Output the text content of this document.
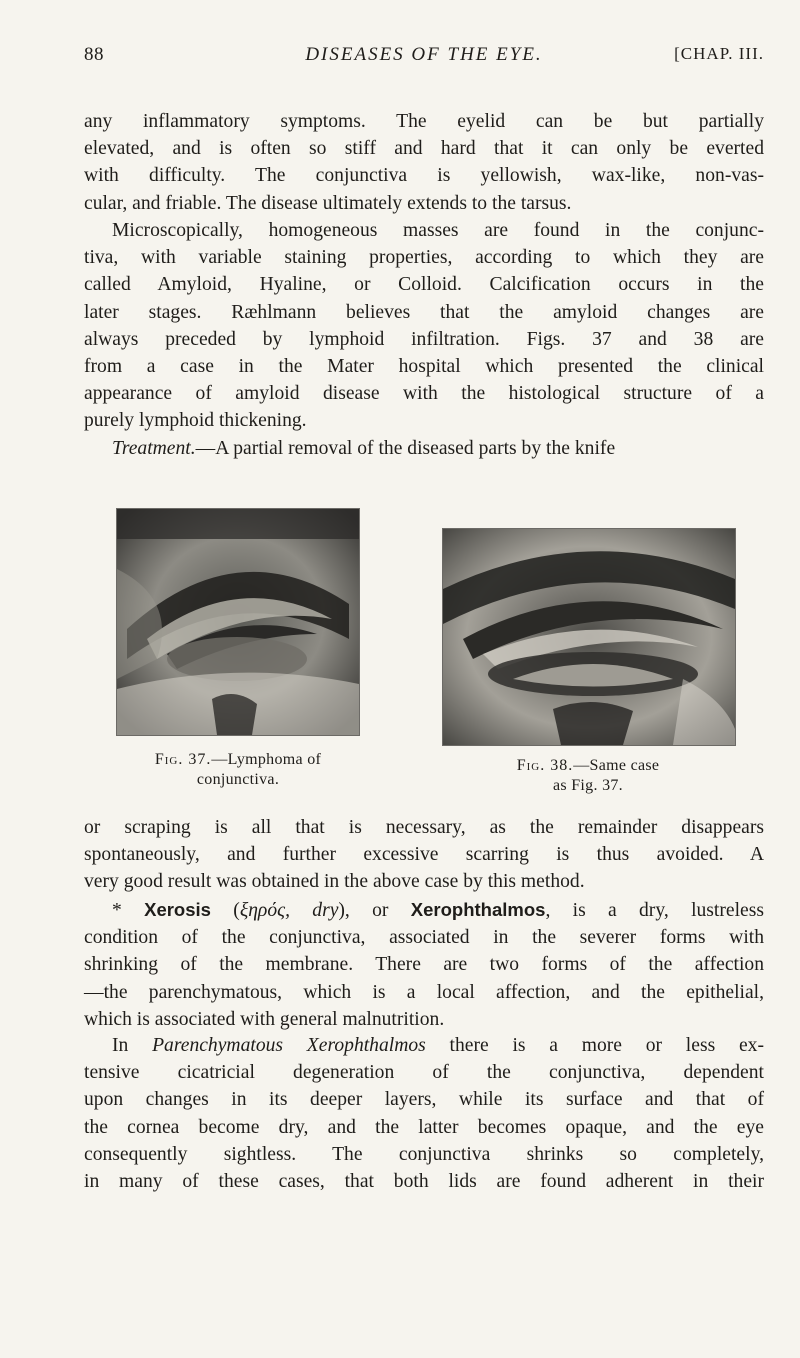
88	DISEASES OF THE EYE.	[CHAP. III.
any inflammatory symptoms. The eyelid can be but partially
elevated, and is often so stiff and hard that it can only be everted
with difficulty. The conjunctiva is yellowish, wax-like, non-vas-
cular, and friable. The disease ultimately extends to the tarsus.
Microscopically, homogeneous masses are found in the conjunc-
tiva, with variable staining properties, according to which they are
called Amyloid, Hyaline, or Colloid. Calcification occurs in the
later stages. Ræhlmann believes that the amyloid changes are
always preceded by lymphoid infiltration. Figs. 37 and 38 are
from a case in the Mater hospital which presented the clinical
appearance of amyloid disease with the histological structure of a
purely lymphoid thickening.
Treatment.—A partial removal of the diseased parts by the knife
Fig. 37.—Lymphoma of
conjunctiva.
Fig. 38.—Same case
as Fig. 37.
or scraping is all that is necessary, as the remainder disappears
spontaneously, and further excessive scarring is thus avoided. A
very good result was obtained in the above case by this method.
* Xerosis (ξηρός, dry), or Xerophthalmos, is a dry, lustreless
condition of the conjunctiva, associated in the severer forms with
shrinking of the membrane. There are two forms of the affection
—the parenchymatous, which is a local affection, and the epithelial,
which is associated with general malnutrition.
In Parenchymatous Xerophthalmos there is a more or less ex-
tensive cicatricial degeneration of the conjunctiva, dependent
upon changes in its deeper layers, while its surface and that of
the cornea become dry, and the latter becomes opaque, and the eye
consequently sightless. The conjunctiva shrinks so completely,
in many of these cases, that both lids are found adherent in their
